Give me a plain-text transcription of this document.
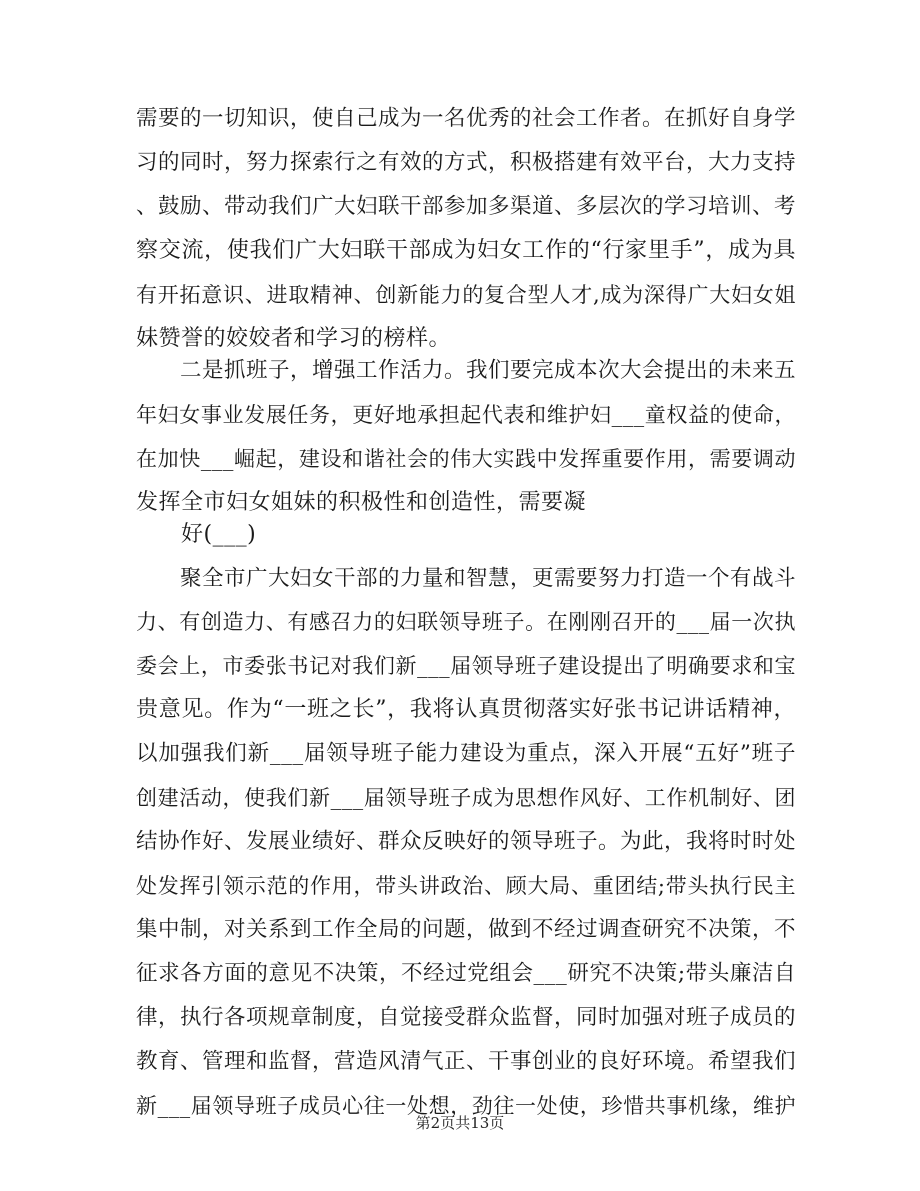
需要的一切知识，使自己成为一名优秀的社会工作者。在抓好自身学
习的同时，努力探索行之有效的方式，积极搭建有效平台，大力支持
、鼓励、带动我们广大妇联干部参加多渠道、多层次的学习培训、考
察交流，使我们广大妇联干部成为妇女工作的“行家里手”，成为具
有开拓意识、进取精神、创新能力的复合型人才,成为深得广大妇女姐
妹赞誉的姣姣者和学习的榜样。
　　二是抓班子，增强工作活力。我们要完成本次大会提出的未来五
年妇女事业发展任务，更好地承担起代表和维护妇___童权益的使命，
在加快___崛起，建设和谐社会的伟大实践中发挥重要作用，需要调动
发挥全市妇女姐妹的积极性和创造性，需要凝
　　好(___)
　　聚全市广大妇女干部的力量和智慧，更需要努力打造一个有战斗
力、有创造力、有感召力的妇联领导班子。在刚刚召开的___届一次执
委会上，市委张书记对我们新___届领导班子建设提出了明确要求和宝
贵意见。作为“一班之长”，我将认真贯彻落实好张书记讲话精神，
以加强我们新___届领导班子能力建设为重点，深入开展“五好”班子
创建活动，使我们新___届领导班子成为思想作风好、工作机制好、团
结协作好、发展业绩好、群众反映好的领导班子。为此，我将时时处
处发挥引领示范的作用，带头讲政治、顾大局、重团结;带头执行民主
集中制，对关系到工作全局的问题，做到不经过调查研究不决策，不
征求各方面的意见不决策，不经过党组会___研究不决策;带头廉洁自
律，执行各项规章制度，自觉接受群众监督，同时加强对班子成员的
教育、管理和监督，营造风清气正、干事创业的良好环境。希望我们
新___届领导班子成员心往一处想，劲往一处使，珍惜共事机缘，维护
第2页共13页
